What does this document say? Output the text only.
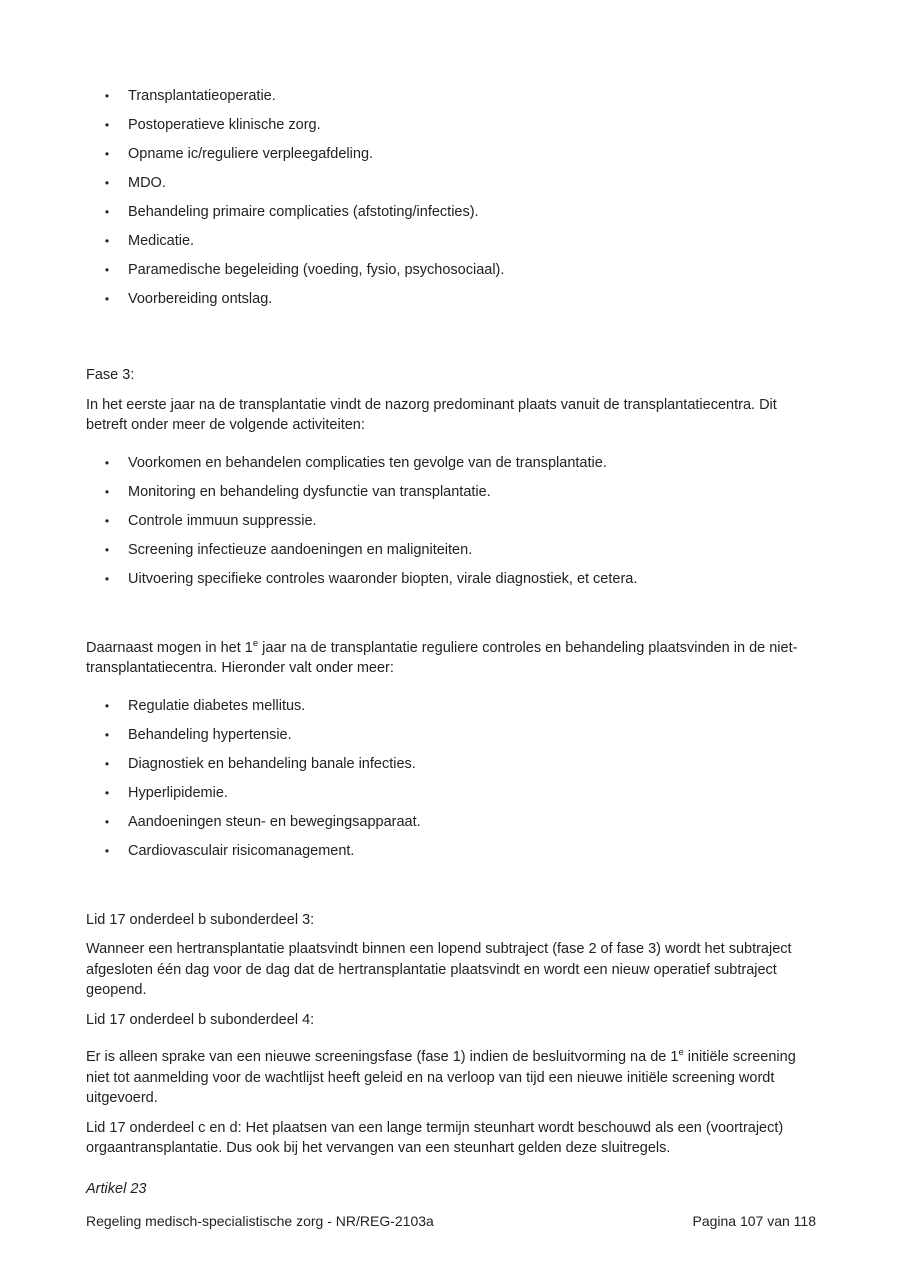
•	Transplantatieoperatie.
•	Postoperatieve klinische zorg.
•	Opname ic/reguliere verpleegafdeling.
•	MDO.
•	Behandeling primaire complicaties (afstoting/infecties).
•	Medicatie.
•	Paramedische begeleiding (voeding, fysio, psychosociaal).
•	Voorbereiding ontslag.
Fase 3:

In het eerste jaar na de transplantatie vindt de nazorg predominant plaats vanuit de transplantatiecentra. Dit betreft onder meer de volgende activiteiten:

•	Voorkomen en behandelen complicaties ten gevolge van de transplantatie.
•	Monitoring en behandeling dysfunctie van transplantatie.
•	Controle immuun suppressie.
•	Screening infectieuze aandoeningen en maligniteiten.
•	Uitvoering specifieke controles waaronder biopten, virale diagnostiek, et cetera.

Daarnaast mogen in het 1e jaar na de transplantatie reguliere controles en behandeling plaatsvinden in de niet-transplantatiecentra. Hieronder valt onder meer:

•	Regulatie diabetes mellitus.
•	Behandeling hypertensie.
•	Diagnostiek en behandeling banale infecties.
•	Hyperlipidemie.
•	Aandoeningen steun- en bewegingsapparaat.
•	Cardiovasculair risicomanagement.
Lid 17 onderdeel b subonderdeel 3:

Wanneer een hertransplantatie plaatsvindt binnen een lopend subtraject (fase 2 of fase 3) wordt het subtraject afgesloten één dag voor de dag dat de hertransplantatie plaatsvindt en wordt een nieuw operatief subtraject geopend.

Lid 17 onderdeel b subonderdeel 4:

Er is alleen sprake van een nieuwe screeningsfase (fase 1) indien de besluitvorming na de 1e initiële screening niet tot aanmelding voor de wachtlijst heeft geleid en na verloop van tijd een nieuwe initiële screening wordt uitgevoerd.

Lid 17 onderdeel c en d: Het plaatsen van een lange termijn steunhart wordt beschouwd als een (voortraject) orgaantransplantatie. Dus ook bij het vervangen van een steunhart gelden deze sluitregels.

Artikel 23
Regeling medisch-specialistische zorg - NR/REG-2103a	Pagina 107 van 118
